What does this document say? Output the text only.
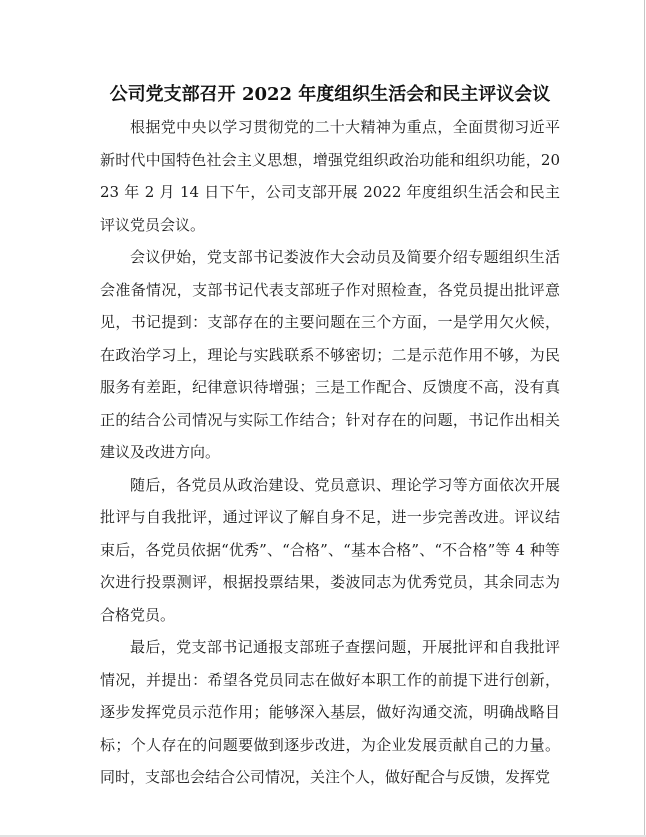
公司党支部召开 2022 年度组织生活会和民主评议会议

根据党中央以学习贯彻党的二十大精神为重点，全面贯彻习近平新时代中国特色社会主义思想，增强党组织政治功能和组织功能，2023 年 2 月 14 日下午，公司支部开展 2022 年度组织生活会和民主评议党员会议。

会议伊始，党支部书记娄波作大会动员及简要介绍专题组织生活会准备情况，支部书记代表支部班子作对照检查，各党员提出批评意见，书记提到：支部存在的主要问题在三个方面，一是学用欠火候，在政治学习上，理论与实践联系不够密切；二是示范作用不够，为民服务有差距，纪律意识待增强；三是工作配合、反馈度不高，没有真正的结合公司情况与实际工作结合；针对存在的问题，书记作出相关建议及改进方向。

随后，各党员从政治建设、党员意识、理论学习等方面依次开展批评与自我批评，通过评议了解自身不足，进一步完善改进。评议结束后，各党员依据“优秀”、“合格”、“基本合格”、“不合格”等 4 种等次进行投票测评，根据投票结果，娄波同志为优秀党员，其余同志为合格党员。

最后，党支部书记通报支部班子查摆问题，开展批评和自我批评情况，并提出：希望各党员同志在做好本职工作的前提下进行创新，逐步发挥党员示范作用；能够深入基层，做好沟通交流，明确战略目标；个人存在的问题要做到逐步改进，为企业发展贡献自己的力量。同时，支部也会结合公司情况，关注个人，做好配合与反馈，发挥党
